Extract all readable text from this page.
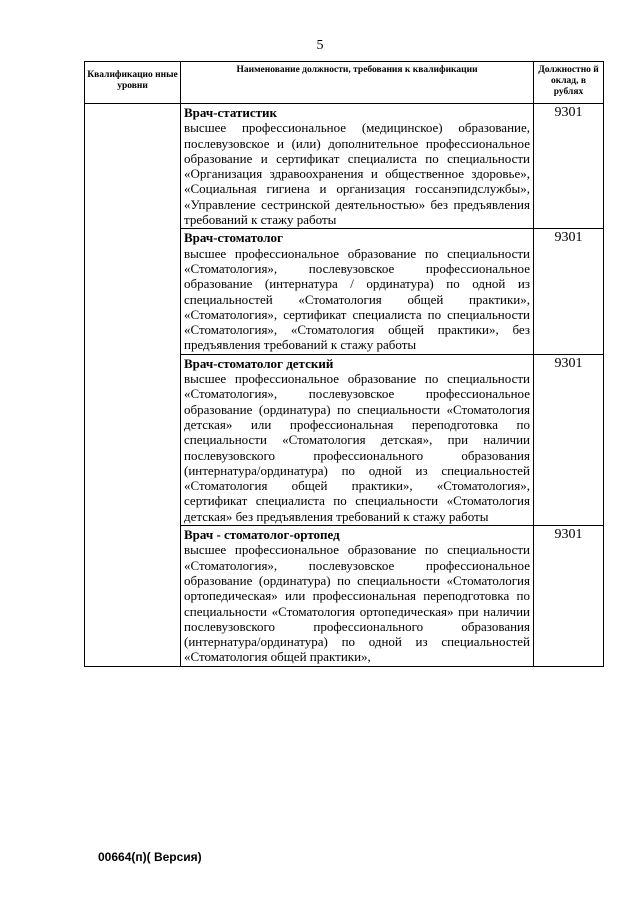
5
Квалификацио нные уровни	Наименование должности, требования к квалификации	Должностно й оклад, в рублях

	Врач-статистик
высшее профессиональное (медицинское) образование, послевузовское и (или) дополнительное профессиональное образование и сертификат специалиста по специальности «Организация здравоохранения и общественное здоровье», «Социальная гигиена и организация госсанэпидслужбы», «Управление сестринской деятельностью» без предъявления требований к стажу работы	9301

	Врач-стоматолог
высшее профессиональное образование по специальности «Стоматология», послевузовское профессиональное образование (интернатура / ординатура) по одной из специальностей «Стоматология общей практики», «Стоматология», сертификат специалиста по специальности «Стоматология», «Стоматология общей практики», без предъявления требований к стажу работы	9301

	Врач-стоматолог детский
высшее профессиональное образование по специальности «Стоматология», послевузовское профессиональное образование (ординатура) по специальности «Стоматология детская» или профессиональная переподготовка по специальности «Стоматология детская», при наличии послевузовского профессионального образования (интернатура/ординатура) по одной из специальностей «Стоматология общей практики», «Стоматология», сертификат специалиста по специальности «Стоматология детская» без предъявления требований к стажу работы	9301

	Врач - стоматолог-ортопед
высшее профессиональное образование по специальности «Стоматология», послевузовское профессиональное образование (ординатура) по специальности «Стоматология ортопедическая» или профессиональная переподготовка по специальности «Стоматология ортопедическая» при наличии послевузовского профессионального образования (интернатура/ординатура) по одной из специальностей «Стоматология общей практики»,	9301
00664(п)( Версия)
